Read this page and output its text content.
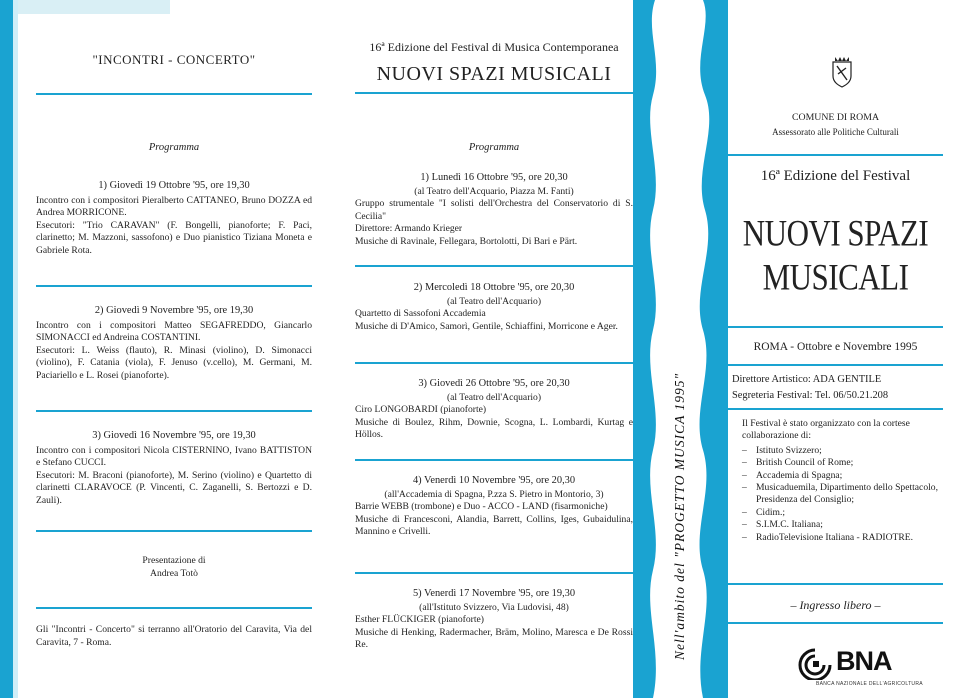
"INCONTRI - CONCERTO"
Programma
1) Giovedì 19 Ottobre '95, ore 19,30
Incontro con i compositori Pieralberto CATTANEO, Bruno DOZZA ed Andrea MORRICONE.
Esecutori: "Trio CARAVAN" (F. Bongelli, pianoforte; F. Paci, clarinetto; M. Mazzoni, sassofono) e Duo pianistico Tiziana Moneta e Gabriele Rota.
2) Giovedì 9 Novembre '95, ore 19,30
Incontro con i compositori Matteo SEGAFREDDO, Giancarlo SIMONACCI ed Andreina COSTANTINI.
Esecutori: L. Weiss (flauto), R. Minasi (violino), D. Simonacci (violino), F. Catania (viola), F. Jenuso (v.cello), M. Germani, M. Paciariello e L. Rosei (pianoforte).
3) Giovedì 16 Novembre '95, ore 19,30
Incontro con i compositori Nicola CISTERNINO, Ivano BATTISTON e Stefano CUCCI.
Esecutori: M. Braconi (pianoforte), M. Serino (violino) e Quartetto di clarinetti CLARAVOCE (P. Vincenti, C. Zaganelli, S. Bertozzi e D. Zauli).
Presentazione di
Andrea Totò
Gli "Incontri - Concerto" si terranno all'Oratorio del Caravita, Via del Caravita, 7 - Roma.
16ª Edizione del Festival di Musica Contemporanea
NUOVI SPAZI MUSICALI
Programma
1) Lunedì 16 Ottobre '95, ore 20,30
(al Teatro dell'Acquario, Piazza M. Fanti)
Gruppo strumentale "I solisti dell'Orchestra del Conservatorio di S. Cecilia"
Direttore: Armando Krieger
Musiche di Ravinale, Fellegara, Bortolotti, Di Bari e Pärt.
2) Mercoledì 18 Ottobre '95, ore 20,30
(al Teatro dell'Acquario)
Quartetto di Sassofoni Accademia
Musiche di D'Amico, Samorì, Gentile, Schiaffini, Morricone e Ager.
3) Giovedì 26 Ottobre '95, ore 20,30
(al Teatro dell'Acquario)
Ciro LONGOBARDI (pianoforte)
Musiche di Boulez, Rihm, Downie, Scogna, L. Lombardi, Kurtag e Höllos.
4) Venerdì 10 Novembre '95, ore 20,30
(all'Accademia di Spagna, P.zza S. Pietro in Montorio, 3)
Barrie WEBB (trombone) e Duo - ACCO - LAND (fisarmoniche)
Musiche di Francesconi, Alandia, Barrett, Collins, Iges, Gubaidulina, Mannino e Crivelli.
5) Venerdì 17 Novembre '95, ore 19,30
(all'Istituto Svizzero, Via Ludovisi, 48)
Esther FLÜCKIGER (pianoforte)
Musiche di Henking, Radermacher, Bräm, Molino, Maresca e De Rossi Re.	Nell'ambito del "PROGETTO MUSICA 1995"
COMUNE DI ROMA
Assessorato alle Politiche Culturali
16ª Edizione del Festival
NUOVI SPAZI
MUSICALI
ROMA - Ottobre e Novembre 1995
Direttore Artistico: ADA GENTILE
Segreteria Festival: Tel. 06/50.21.208
Il Festival è stato organizzato con la cortese collaborazione di:
– Istituto Svizzero;
– British Council of Rome;
– Accademia di Spagna;
– Musicaduemila, Dipartimento dello Spettacolo, Presidenza del Consiglio;
– Cidim.;
– S.I.M.C. Italiana;
– RadioTelevisione Italiana - RADIOTRE.
– Ingresso libero –
BNA
BANCA NAZIONALE DELL'AGRICOLTURA
